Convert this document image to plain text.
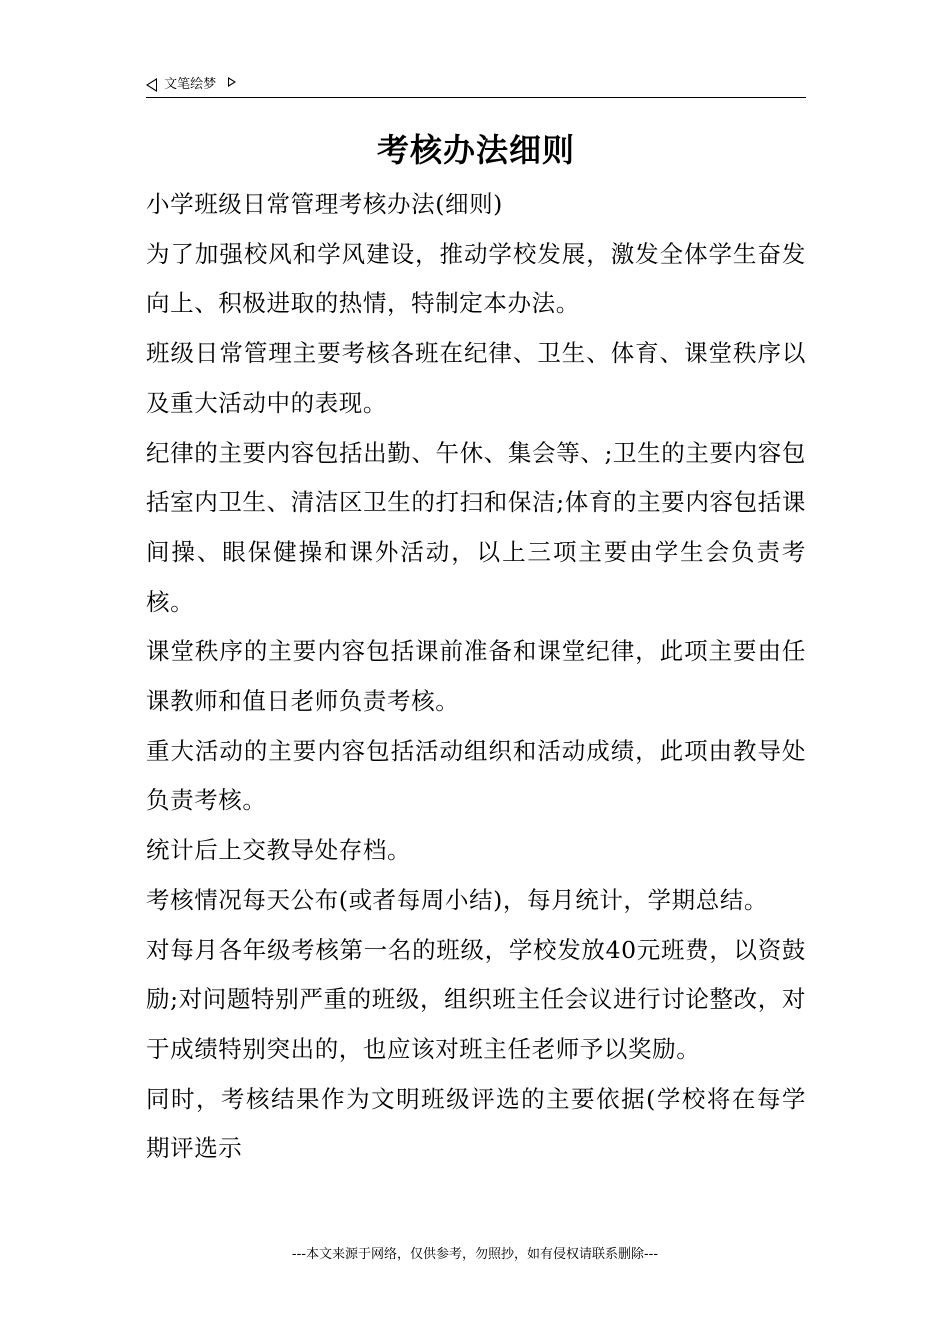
文笔绘梦
考核办法细则

小学班级日常管理考核办法(细则)

为了加强校风和学风建设，推动学校发展，激发全体学生奋发向上、积极进取的热情，特制定本办法。

班级日常管理主要考核各班在纪律、卫生、体育、课堂秩序以及重大活动中的表现。

纪律的主要内容包括出勤、午休、集会等、;卫生的主要内容包括室内卫生、清洁区卫生的打扫和保洁;体育的主要内容包括课间操、眼保健操和课外活动，以上三项主要由学生会负责考核。

课堂秩序的主要内容包括课前准备和课堂纪律，此项主要由任课教师和值日老师负责考核。

重大活动的主要内容包括活动组织和活动成绩，此项由教导处负责考核。

统计后上交教导处存档。

考核情况每天公布(或者每周小结)，每月统计，学期总结。

对每月各年级考核第一名的班级，学校发放40元班费，以资鼓励;对问题特别严重的班级，组织班主任会议进行讨论整改，对于成绩特别突出的，也应该对班主任老师予以奖励。

同时，考核结果作为文明班级评选的主要依据(学校将在每学期评选示

---本文来源于网络，仅供参考，勿照抄，如有侵权请联系删除---
